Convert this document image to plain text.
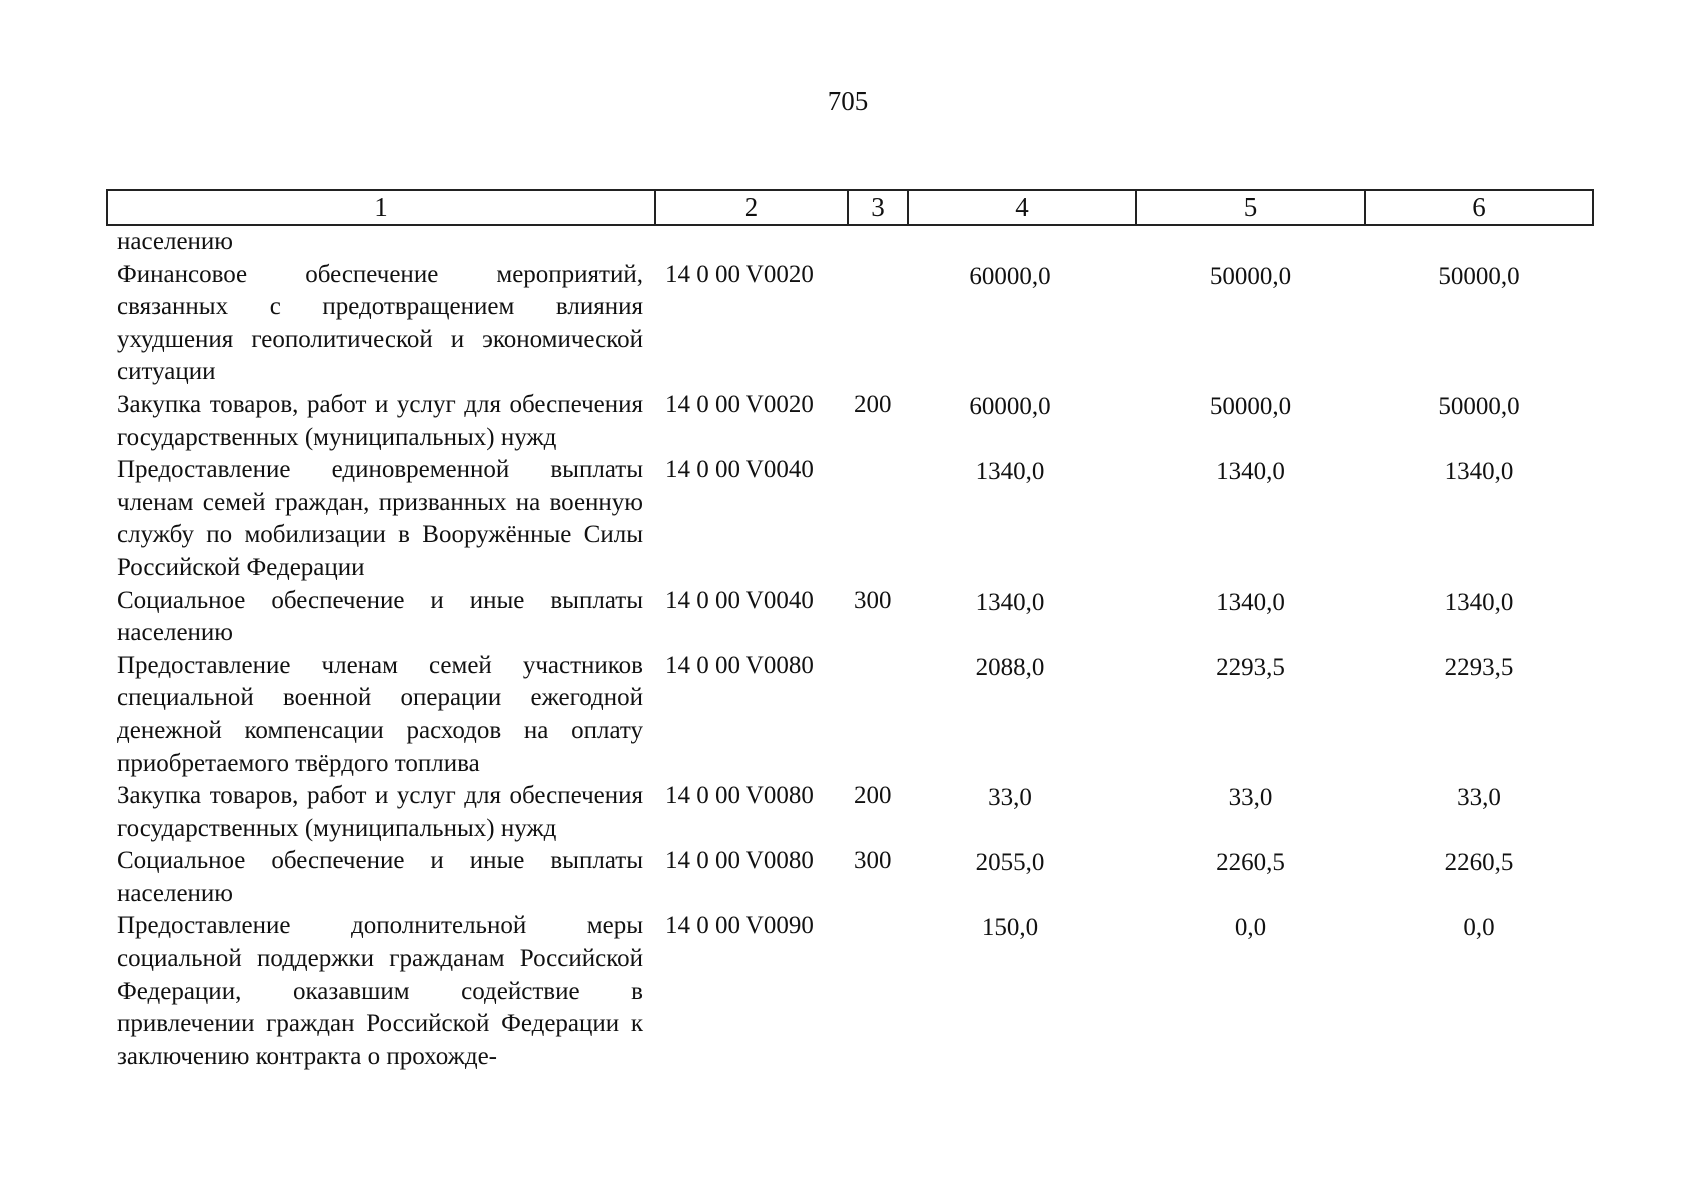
705
1	2	3	4	5	6
населению					
Финансовое обеспечение мероприятий, связанных с предотвращением влияния ухудшения геополитической и экономической ситуации	14 0 00 V0020		60000,0	50000,0	50000,0
Закупка товаров, работ и услуг для обеспечения государственных (муниципальных) нужд	14 0 00 V0020	200	60000,0	50000,0	50000,0
Предоставление единовременной выплаты членам семей граждан, призванных на военную службу по мобилизации в Вооружённые Силы Российской Федерации	14 0 00 V0040		1340,0	1340,0	1340,0
Социальное обеспечение и иные выплаты населению	14 0 00 V0040	300	1340,0	1340,0	1340,0
Предоставление членам семей участников специальной военной операции ежегодной денежной компенсации расходов на оплату приобретаемого твёрдого топлива	14 0 00 V0080		2088,0	2293,5	2293,5
Закупка товаров, работ и услуг для обеспечения государственных (муниципальных) нужд	14 0 00 V0080	200	33,0	33,0	33,0
Социальное обеспечение и иные выплаты населению	14 0 00 V0080	300	2055,0	2260,5	2260,5
Предоставление дополнительной меры социальной поддержки гражданам Российской Федерации, оказавшим содействие в привлечении граждан Российской Федерации к заключению контракта о прохожде-	14 0 00 V0090		150,0	0,0	0,0
